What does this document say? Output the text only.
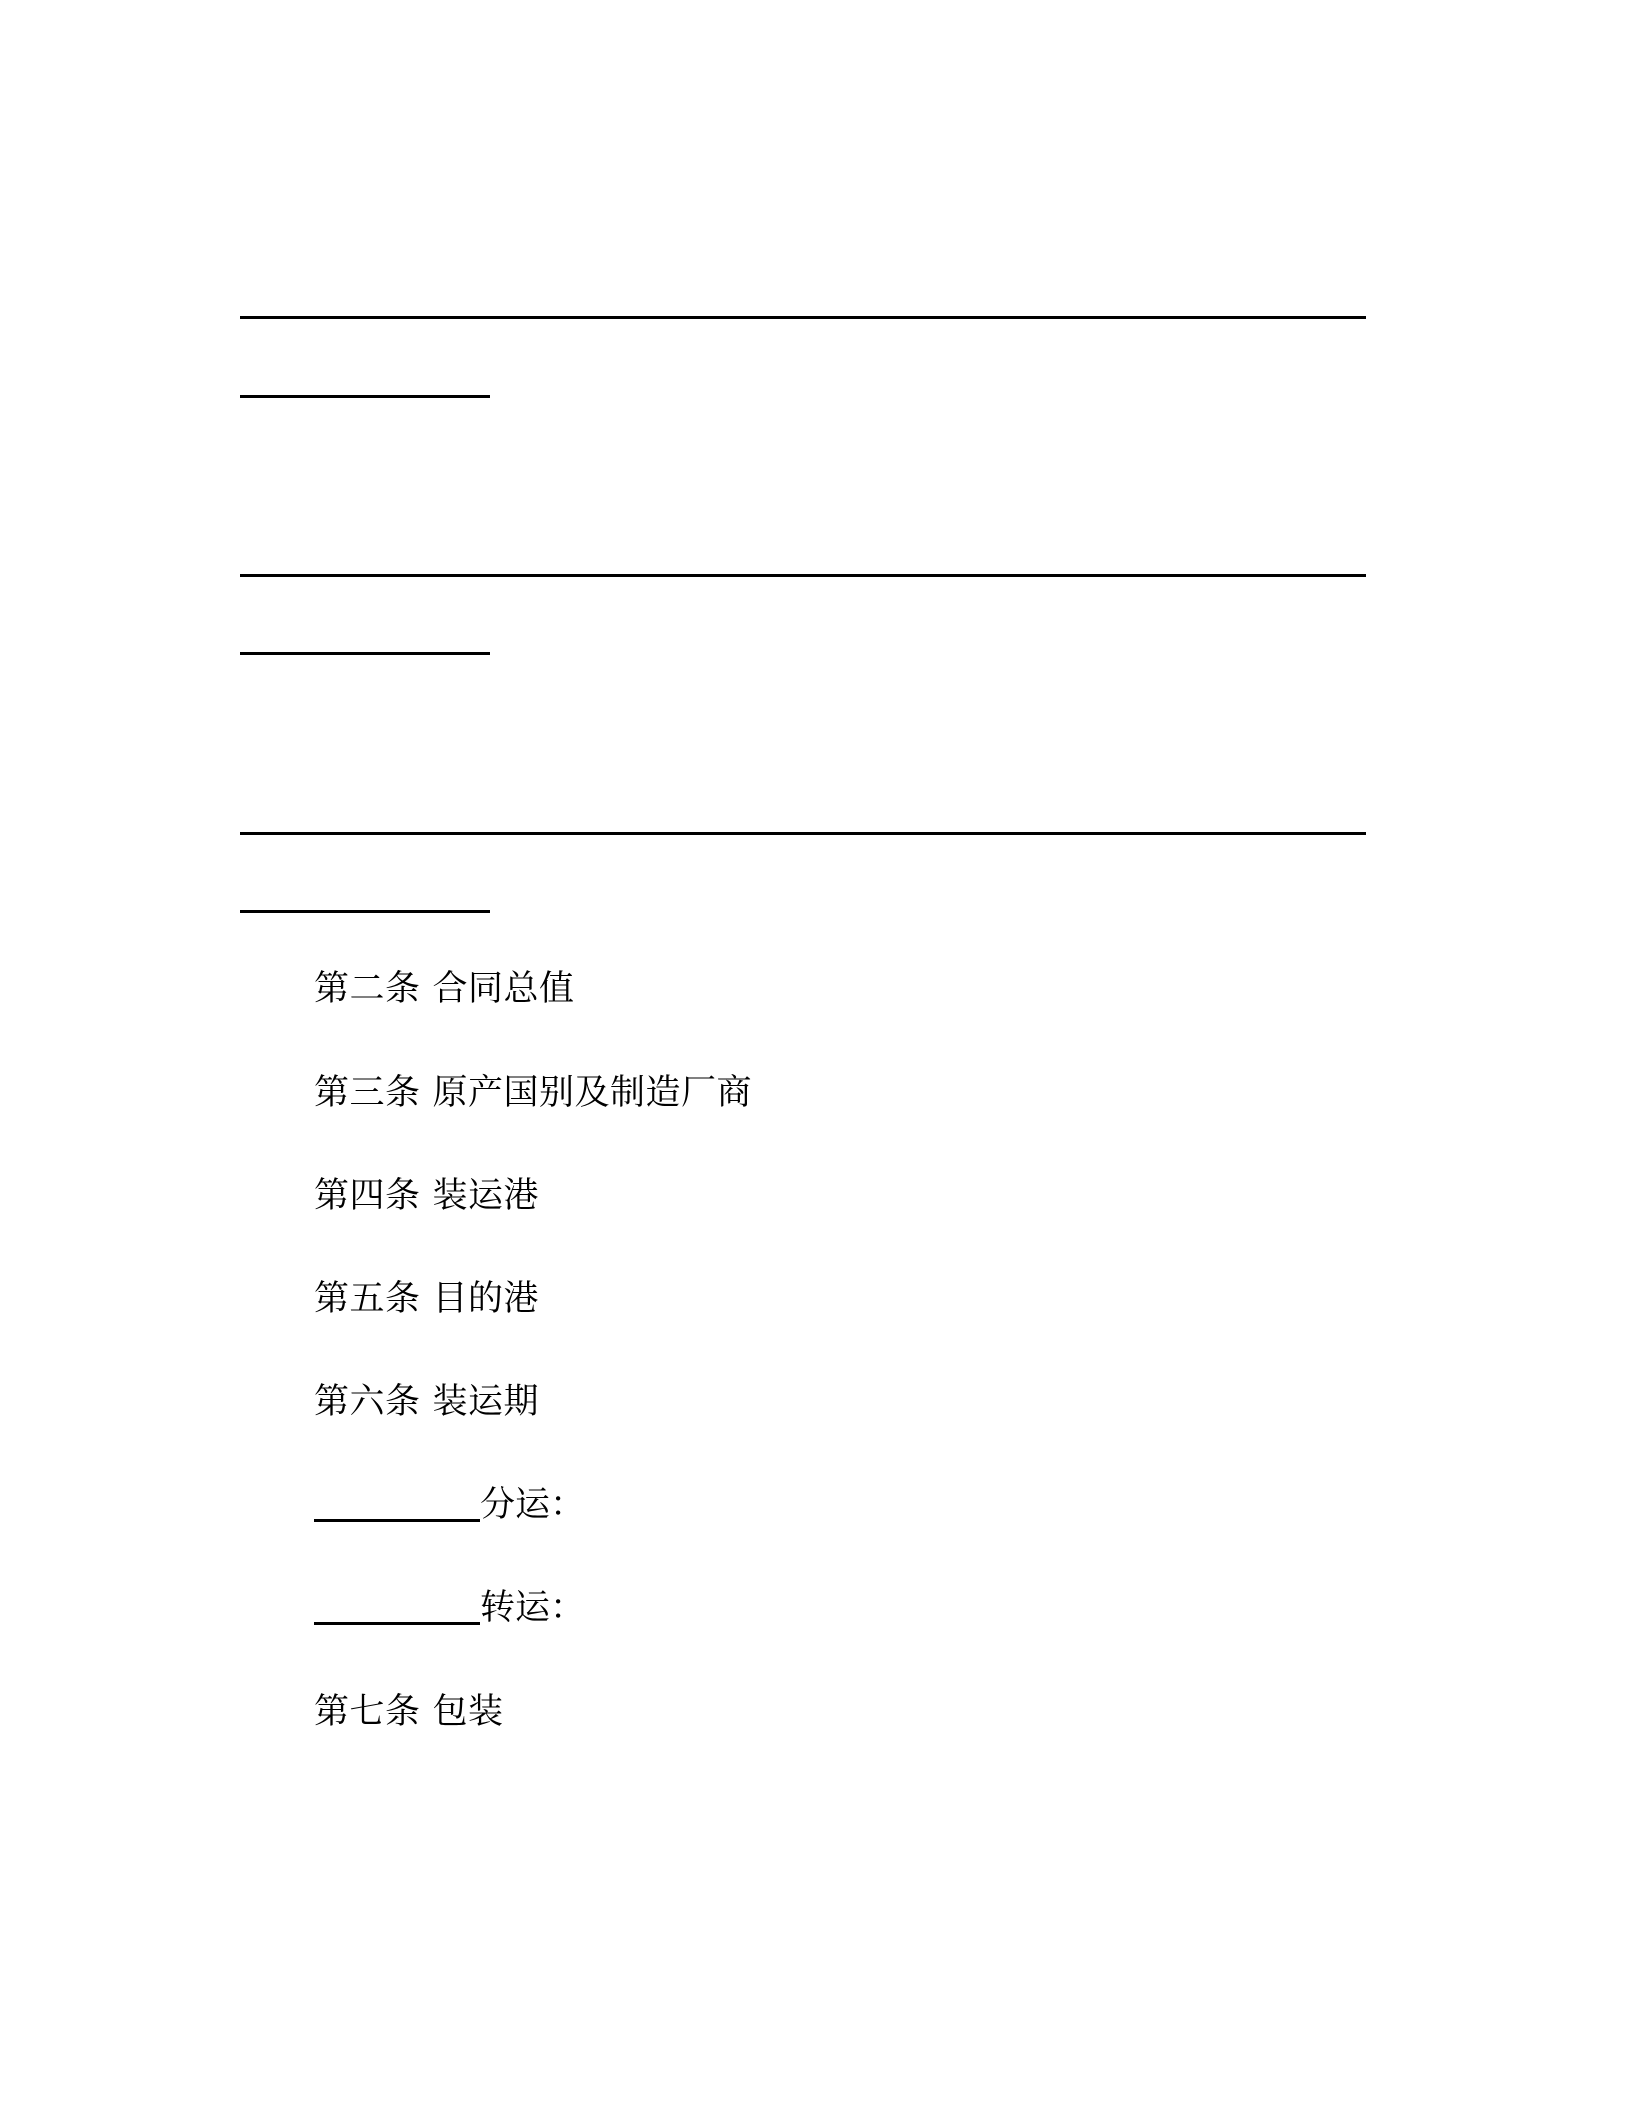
第二条 合同总值
第三条 原产国别及制造厂商
第四条 装运港
第五条 目的港
第六条 装运期
分运：
转运：
第七条 包装
